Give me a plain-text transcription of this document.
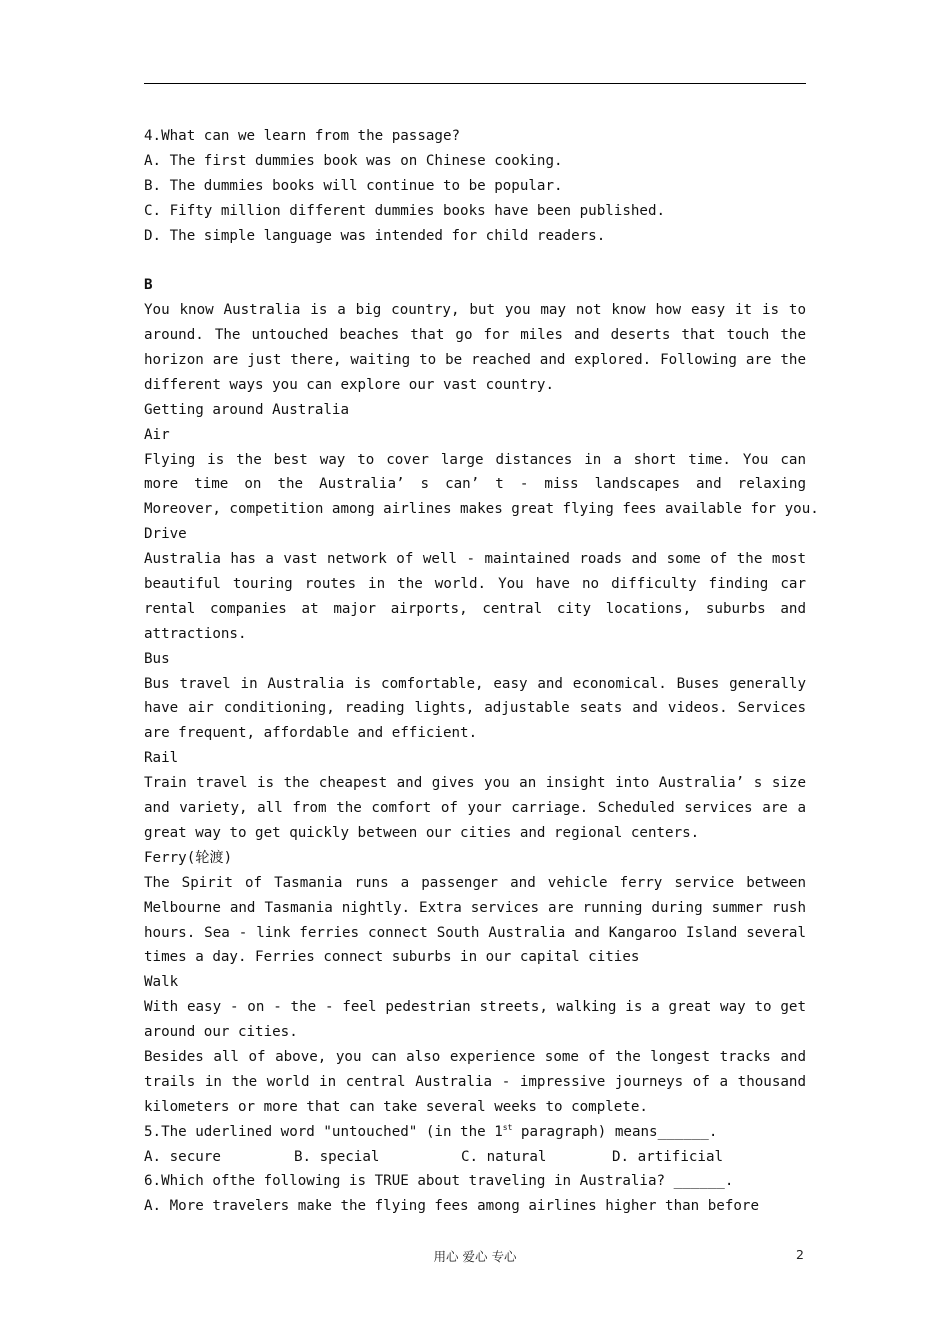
4.What can we learn from the passage?
A. The first dummies book was on Chinese cooking.
B. The dummies books will continue to be popular.
C. Fifty million different dummies books have been published.
D. The simple language was intended for child readers.
B
You know Australia is a big country, but you may not know how easy it is to
around. The untouched beaches that go for miles and deserts that touch the
horizon are just there, waiting to be reached and explored. Following are the
different ways you can explore our vast country.
Getting around Australia
Air
Flying is the best way to cover large distances in a short time. You can
more time on the Australia’ s can’ t - miss landscapes and relaxing
Moreover, competition among airlines makes great flying fees available for you.
Drive
Australia has a vast network of well - maintained roads and some of the most
beautiful touring routes in the world. You have no difficulty finding car
rental companies at major airports, central city locations, suburbs and
attractions.
Bus
Bus travel in Australia is comfortable, easy and economical. Buses generally
have air conditioning, reading lights, adjustable seats and videos. Services
are frequent, affordable and efficient.
Rail
Train travel is the cheapest and gives you an insight into Australia’ s size
and variety, all from the comfort of your carriage. Scheduled services are a
great way to get quickly between our cities and regional centers.
Ferry(轮渡)
The Spirit of Tasmania runs a passenger and vehicle ferry service between
Melbourne and Tasmania nightly. Extra services are running during summer rush
hours. Sea - link ferries connect South Australia and Kangaroo Island several
times a day. Ferries connect suburbs in our capital cities
Walk
With easy - on - the - feel pedestrian streets, walking is a great way to get
around our cities.
Besides all of above, you can also experience some of the longest tracks and
trails in the world in central Australia - impressive journeys of a thousand
kilometers or more that can take several weeks to complete.
5.The uderlined word "untouched" (in the 1st paragraph) means______.
A. secure	B. special	C. natural	D. artificial
6.Which ofthe following is TRUE about traveling in Australia? ______.
A. More travelers make the flying fees among airlines higher than before
用心 爱心 专心	2
